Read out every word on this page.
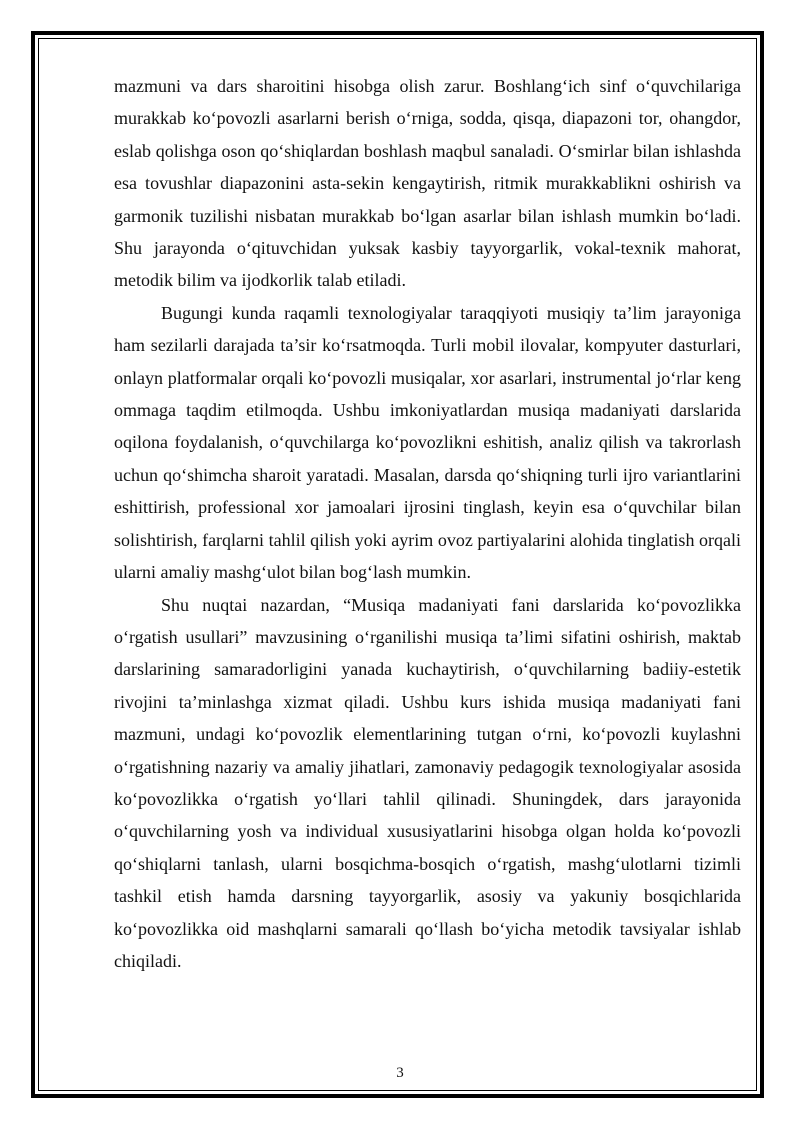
mazmuni va dars sharoitini hisobga olish zarur. Boshlang‘ich sinf o‘quvchilariga murakkab ko‘povozli asarlarni berish o‘rniga, sodda, qisqa, diapazoni tor, ohangdor, eslab qolishga oson qo‘shiqlardan boshlash maqbul sanaladi. O‘smirlar bilan ishlashda esa tovushlar diapazonini asta-sekin kengaytirish, ritmik murakkablikni oshirish va garmonik tuzilishi nisbatan murakkab bo‘lgan asarlar bilan ishlash mumkin bo‘ladi. Shu jarayonda o‘qituvchidan yuksak kasbiy tayyorgarlik, vokal-texnik mahorat, metodik bilim va ijodkorlik talab etiladi.

Bugungi kunda raqamli texnologiyalar taraqqiyoti musiqiy ta’lim jarayoniga ham sezilarli darajada ta’sir ko‘rsatmoqda. Turli mobil ilovalar, kompyuter dasturlari, onlayn platformalar orqali ko‘povozli musiqalar, xor asarlari, instrumental jo‘rlar keng ommaga taqdim etilmoqda. Ushbu imkoniyatlardan musiqa madaniyati darslarida oqilona foydalanish, o‘quvchilarga ko‘povozlikni eshitish, analiz qilish va takrorlash uchun qo‘shimcha sharoit yaratadi. Masalan, darsda qo‘shiqning turli ijro variantlarini eshittirish, professional xor jamoalari ijrosini tinglash, keyin esa o‘quvchilar bilan solishtirish, farqlarni tahlil qilish yoki ayrim ovoz partiyalarini alohida tinglatish orqali ularni amaliy mashg‘ulot bilan bog‘lash mumkin.

Shu nuqtai nazardan, “Musiqa madaniyati fani darslarida ko‘povozlikka o‘rgatish usullari” mavzusining o‘rganilishi musiqa ta’limi sifatini oshirish, maktab darslarining samaradorligini yanada kuchaytirish, o‘quvchilarning badiiy-estetik rivojini ta’minlashga xizmat qiladi. Ushbu kurs ishida musiqa madaniyati fani mazmuni, undagi ko‘povozlik elementlarining tutgan o‘rni, ko‘povozli kuylashni o‘rgatishning nazariy va amaliy jihatlari, zamonaviy pedagogik texnologiyalar asosida ko‘povozlikka o‘rgatish yo‘llari tahlil qilinadi. Shuningdek, dars jarayonida o‘quvchilarning yosh va individual xususiyatlarini hisobga olgan holda ko‘povozli qo‘shiqlarni tanlash, ularni bosqichma-bosqich o‘rgatish, mashg‘ulotlarni tizimli tashkil etish hamda darsning tayyorgarlik, asosiy va yakuniy bosqichlarida ko‘povozlikka oid mashqlarni samarali qo‘llash bo‘yicha metodik tavsiyalar ishlab chiqiladi.

3
